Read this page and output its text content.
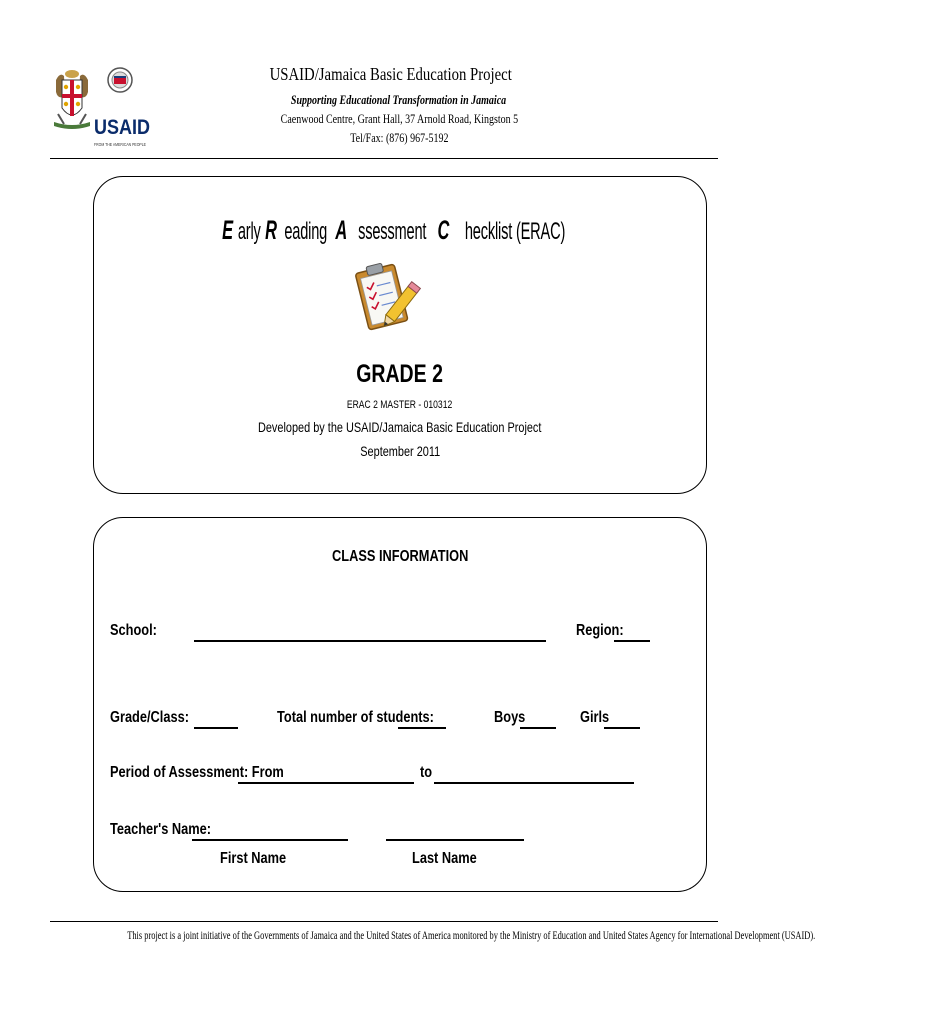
USAID
FROM THE AMERICAN PEOPLE
USAID/Jamaica Basic Education Project
Supporting Educational Transformation in Jamaica
Caenwood Centre, Grant Hall, 37 Arnold Road, Kingston 5
Tel/Fax: (876) 967-5192
E arlyR eadingA ssessmentC hecklist (ERAC)
GRADE 2
ERAC 2 MASTER - 010312
Developed by the USAID/Jamaica Basic Education Project
September 2011
CLASS INFORMATION
School:	Region:
Grade/Class:	Total number of students:	Boys	Girls
Period of Assessment: From	to
Teacher's Name:
First Name	Last Name
This project is a joint initiative of the Governments of Jamaica and the United States of America monitored by the Ministry of Education and United States Agency for International Development (USAID).
